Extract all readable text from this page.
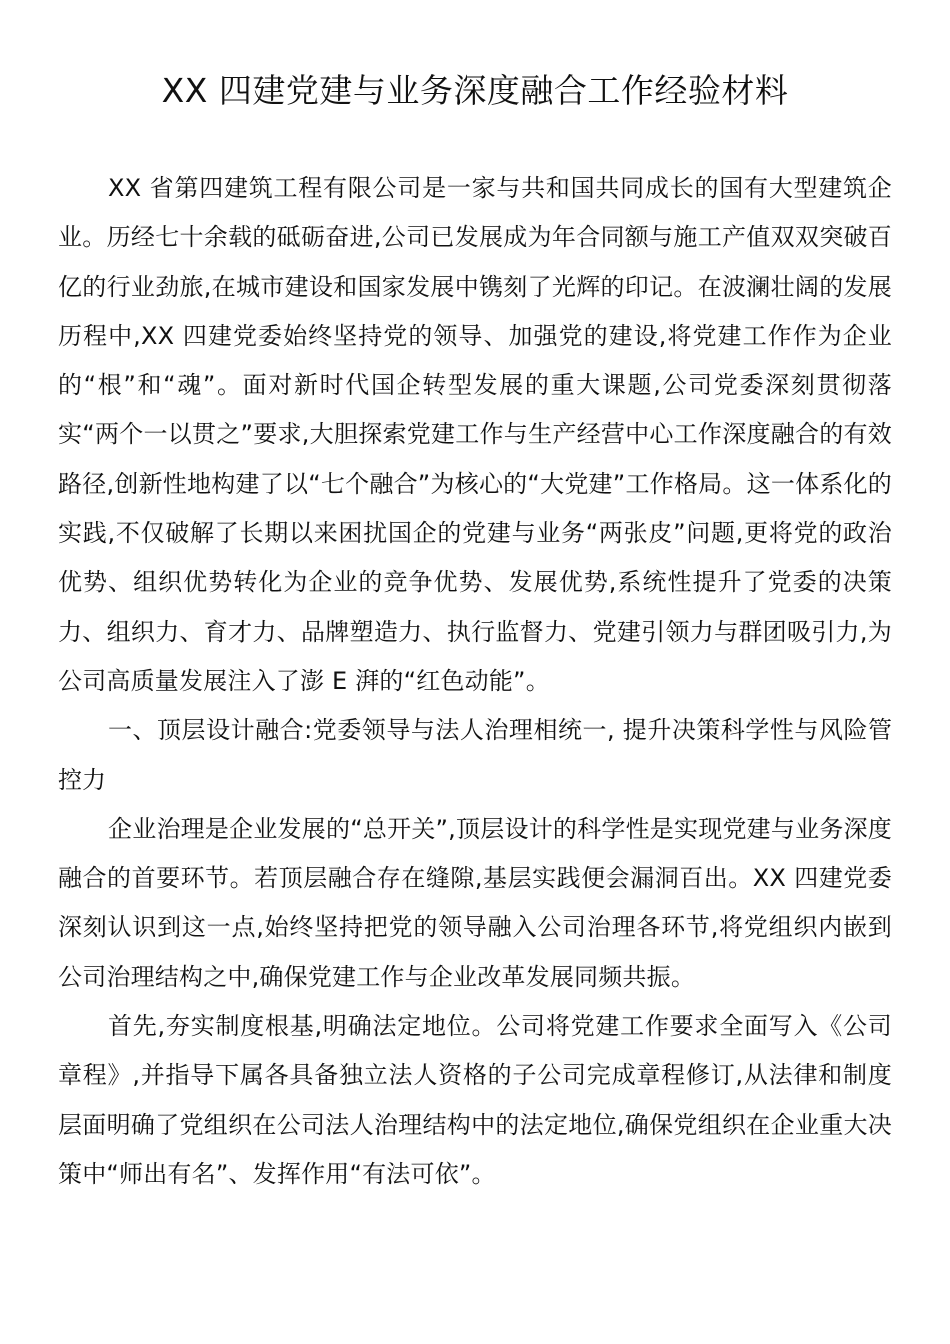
XX 四建党建与业务深度融合工作经验材料

XX 省第四建筑工程有限公司是一家与共和国共同成长的国有大型建筑企业。历经七十余载的砥砺奋进,公司已发展成为年合同额与施工产值双双突破百亿的行业劲旅,在城市建设和国家发展中镌刻了光辉的印记。在波澜壮阔的发展历程中,XX 四建党委始终坚持党的领导、加强党的建设,将党建工作作为企业的“根”和“魂”。面对新时代国企转型发展的重大课题,公司党委深刻贯彻落实“两个一以贯之”要求,大胆探索党建工作与生产经营中心工作深度融合的有效路径,创新性地构建了以“七个融合”为核心的“大党建”工作格局。这一体系化的实践,不仅破解了长期以来困扰国企的党建与业务“两张皮”问题,更将党的政治优势、组织优势转化为企业的竞争优势、发展优势,系统性提升了党委的决策力、组织力、育才力、品牌塑造力、执行监督力、党建引领力与群团吸引力,为公司高质量发展注入了澎 E 湃的“红色动能”。

一、顶层设计融合:党委领导与法人治理相统一, 提升决策科学性与风险管控力

企业治理是企业发展的“总开关”,顶层设计的科学性是实现党建与业务深度融合的首要环节。若顶层融合存在缝隙,基层实践便会漏洞百出。XX 四建党委深刻认识到这一点,始终坚持把党的领导融入公司治理各环节,将党组织内嵌到公司治理结构之中,确保党建工作与企业改革发展同频共振。

首先,夯实制度根基,明确法定地位。公司将党建工作要求全面写入《公司章程》,并指导下属各具备独立法人资格的子公司完成章程修订,从法律和制度层面明确了党组织在公司法人治理结构中的法定地位,确保党组织在企业重大决策中“师出有名”、发挥作用“有法可依”。
